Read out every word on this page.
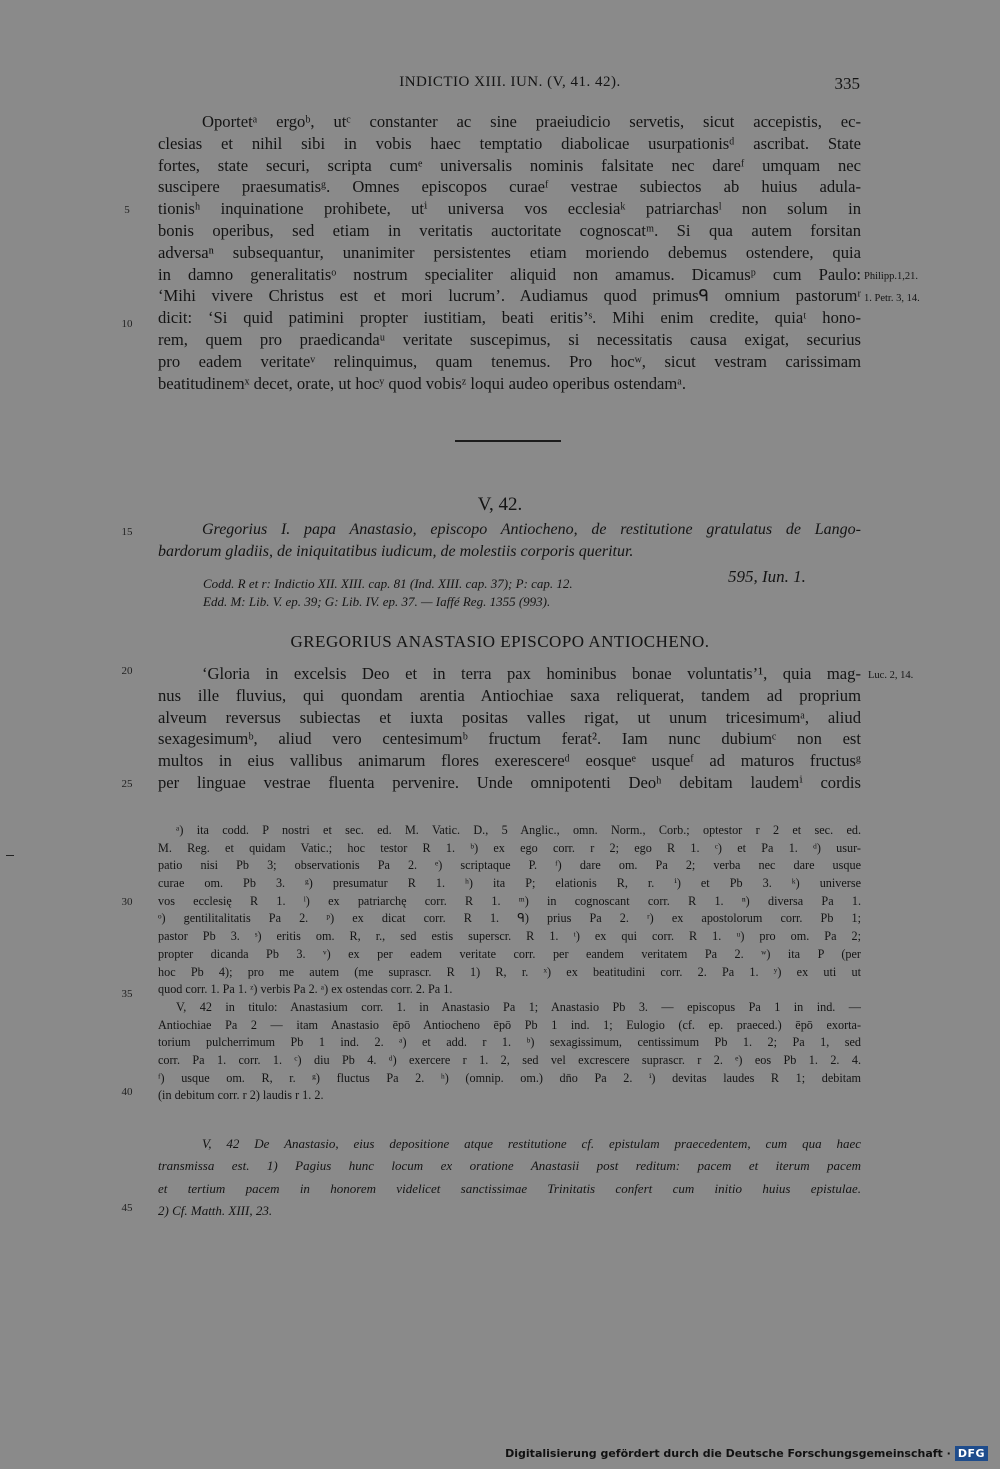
INDICTIO XIII. IUN. (V, 41. 42).	335
Oportetᵃ ergoᵇ, utᶜ constanter ac sine praeiudicio servetis, sicut accepistis, ec-
clesias et nihil sibi in vobis haec temptatio diabolicae usurpationisᵈ ascribat. State
fortes, state securi, scripta cumᵉ universalis nominis falsitate nec dareᶠ umquam nec
suscipere praesumatisᵍ. Omnes episcopos curaeᶠ vestrae subiectos ab huius adula-
tionisʰ inquinatione prohibete, utⁱ universa vos ecclesiaᵏ patriarchasˡ non solum in
bonis operibus, sed etiam in veritatis auctoritate cognoscatᵐ. Si qua autem forsitan
adversaⁿ subsequantur, unanimiter persistentes etiam moriendo debemus ostendere, quia
in damno generalitatisᵒ nostrum specialiter aliquid non amamus. Dicamusᵖ cum Paulo:
‘Mihi vivere Christus est et mori lucrum’. Audiamus quod primusᑫ omnium pastorumʳ
dicit: ‘Si quid patimini propter iustitiam, beati eritis’ˢ. Mihi enim credite, quiaᵗ hono-
rem, quem pro praedicandaᵘ veritate suscepimus, si necessitatis causa exigat, securius
pro eadem veritateᵛ relinquimus, quam tenemus. Pro hocʷ, sicut vestram carissimam
beatitudinemˣ decet, orate, ut hocʸ quod vobisᶻ loqui audeo operibus ostendamᵃ.
Philipp.1,21.
1. Petr. 3, 14.
5
10
V, 42.
15	Gregorius I. papa Anastasio, episcopo Antiocheno, de restitutione gratulatus de Lango-
bardorum gladiis, de iniquitatibus iudicum, de molestiis corporis queritur.
Codd. R et r: Indictio XII. XIII. cap. 81 (Ind. XIII. cap. 37); P: cap. 12.
Edd. M: Lib. V. ep. 39; G: Lib. IV. ep. 37. — Iaffé Reg. 1355 (993).
595, Iun. 1.
GREGORIUS ANASTASIO EPISCOPO ANTIOCHENO.
20	Luc. 2, 14.
‘Gloria in excelsis Deo et in terra pax hominibus bonae voluntatis’¹, quia mag-
nus ille fluvius, qui quondam arentia Antiochiae saxa reliquerat, tandem ad proprium
alveum reversus subiectas et iuxta positas valles rigat, ut unum tricesimumᵃ, aliud
sexagesimumᵇ, aliud vero centesimumᵇ fructum ferat². Iam nunc dubiumᶜ non est
multos in eius vallibus animarum flores exerescereᵈ eosqueᵉ usqueᶠ ad maturos fructusᵍ
per linguae vestrae fluenta pervenire. Unde omnipotenti Deoʰ debitam laudemⁱ cordis
25
ᵃ) ita codd. P nostri et sec. ed. M. Vatic. D., 5 Anglic., omn. Norm., Corb.; optestor r 2 et sec. ed.
M. Reg. et quidam Vatic.; hoc testor R 1. ᵇ) ex ego corr. r 2; ego R 1. ᶜ) et Pa 1. ᵈ) usur-
patio nisi Pb 3; observationis Pa 2. ᵉ) scriptaque P. ᶠ) dare om. Pa 2; verba nec dare usque
curae om. Pb 3. ᵍ) presumatur R 1. ʰ) ita P; elationis R, r. ⁱ) et Pb 3. ᵏ) universe
vos ecclesię R 1. ˡ) ex patriarchę corr. R 1. ᵐ) in cognoscant corr. R 1. ⁿ) diversa Pa 1.
ᵒ) gentilitalitatis Pa 2. ᵖ) ex dicat corr. R 1. ᑫ) prius Pa 2. ʳ) ex apostolorum corr. Pb 1;
pastor Pb 3. ˢ) eritis om. R, r., sed estis superscr. R 1. ᵗ) ex qui corr. R 1. ᵘ) pro om. Pa 2;
propter dicanda Pb 3. ᵛ) ex per eadem veritate corr. per eandem veritatem Pa 2. ʷ) ita P (per
hoc Pb 4); pro me autem (me suprascr. R 1) R, r. ˣ) ex beatitudini corr. 2. Pa 1. ʸ) ex uti ut
quod corr. 1. Pa 1. ᶻ) verbis Pa 2. ᵃ) ex ostendas corr. 2. Pa 1.
V, 42 in titulo: Anastasium corr. 1. in Anastasio Pa 1; Anastasio Pb 3. — episcopus Pa 1 in ind. —
Antiochiae Pa 2 — itam Anastasio ēpō Antiocheno ēpō Pb 1 ind. 1; Eulogio (cf. ep. praeced.) ēpō exorta-
torium pulcherrimum Pb 1 ind. 2. ᵃ) et add. r 1. ᵇ) sexagissimum, centissimum Pb 1. 2; Pa 1, sed
corr. Pa 1. corr. 1. ᶜ) diu Pb 4. ᵈ) exercere r 1. 2, sed vel excrescere suprascr. r 2. ᵉ) eos Pb 1. 2. 4.
ᶠ) usque om. R, r. ᵍ) fluctus Pa 2. ʰ) (omnip. om.) dn̄o Pa 2. ⁱ) devitas laudes R 1; debitam
(in debitum corr. r 2) laudis r 1. 2.
30
35
40
V, 42 De Anastasio, eius depositione atque restitutione cf. epistulam praecedentem, cum qua haec
transmissa est. 1) Pagius hunc locum ex oratione Anastasii post reditum: pacem et iterum pacem
et tertium pacem in honorem videlicet sanctissimae Trinitatis confert cum initio huius epistulae.
2) Cf. Matth. XIII, 23.
45
Digitalisierung gefördert durch die Deutsche Forschungsgemeinschaft · DFG
